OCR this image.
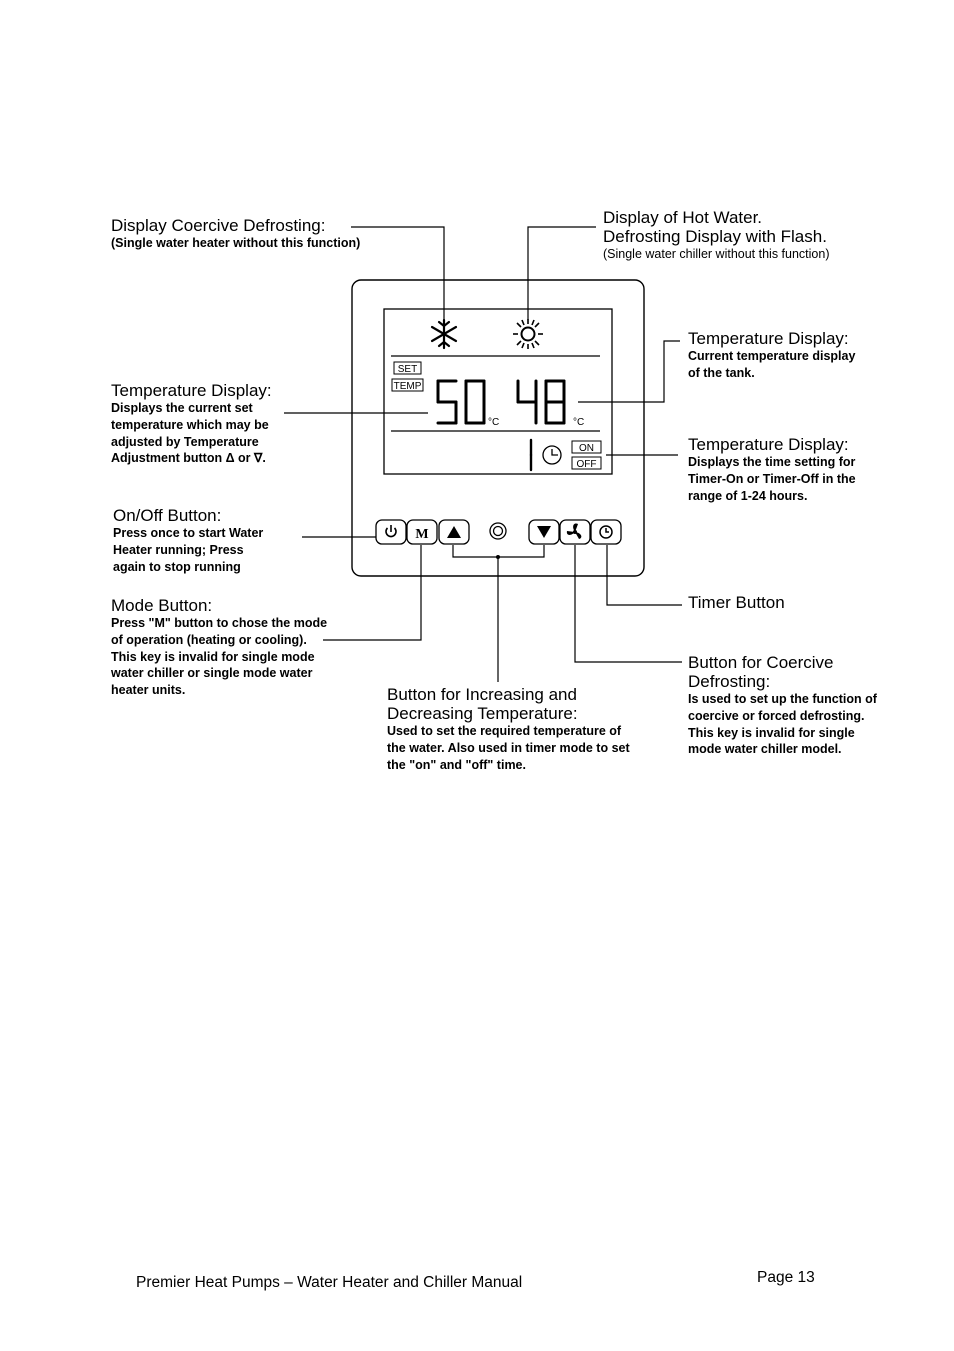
SET
TEMP
°C	°C
ON
OFF
M
Display Coercive Defrosting:
(Single water heater without this function)
Display of Hot Water.
Defrosting Display with Flash.
(Single water chiller without this function)
Temperature Display:
Current temperature display
of the tank.
Temperature Display:
Displays the current set
temperature which may be
adjusted by Temperature
Adjustment button Δ or ∇.
Temperature Display:
Displays the time setting for
Timer-On or Timer-Off in the
range of 1-24 hours.
On/Off Button:
Press once to start Water
Heater running; Press
again to stop running
Mode Button:
Press "M" button to chose the mode
of operation (heating or cooling).
This key is invalid for single mode
water chiller or single mode water
heater units.
Timer Button
Button for Coercive
Defrosting:
Is used to set up the function of
coercive or forced defrosting.
This key is invalid for single
mode water chiller model.
Button for Increasing and
Decreasing Temperature:
Used to set the required temperature of
the water. Also used in timer mode to set
the "on" and "off" time.
Premier Heat Pumps – Water Heater and Chiller Manual	Page 13
